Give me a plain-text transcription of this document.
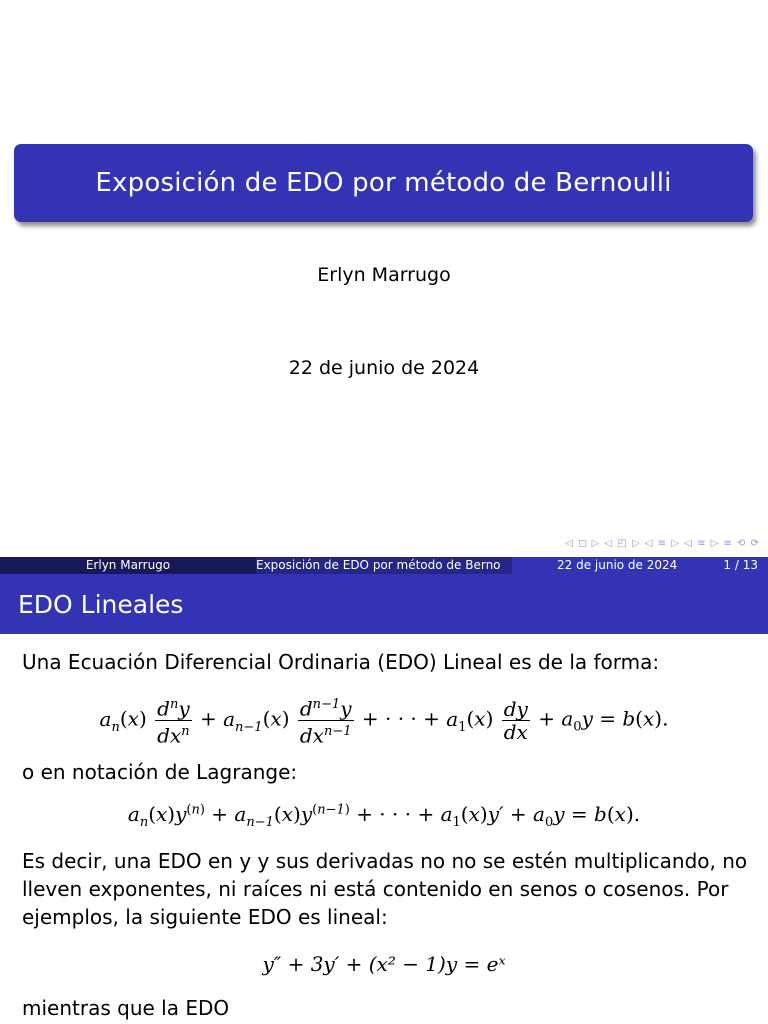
Exposición de EDO por método de Bernoulli
Erlyn Marrugo
22 de junio de 2024
◁ ◻ ▷ ◁ ◰ ▷ ◁ ≡ ▷ ◁ ≡ ▷ ≡ ⟲ ⟳
Erlyn Marrugo	Exposición de EDO por método de Berno	22 de junio de 2024	1 / 13
EDO Lineales
Una Ecuación Diferencial Ordinaria (EDO) Lineal es de la forma:
$a_n(x) \frac{d^ny}{dx^n} + a_{n-1}(x) \frac{d^{n-1}y}{dx^{n-1}}$ + · · · + $a_1(x) \frac{dy}{dx} + a_0y = b(x)$.
o en notación de Lagrange:
$a_n(x)y^{(n)} + a_{n-1}(x)y^{(n-1)}$ + · · · + $a_1(x)y' + a_0y = b(x)$.
Es decir, una EDO en y y sus derivadas no no se estén multiplicando, no lleven exponentes, ni raíces ni está contenido en senos o cosenos. Por ejemplos, la siguiente EDO es lineal:
y″ + 3y′ + (x² − 1)y = eˣ
mientras que la EDO
